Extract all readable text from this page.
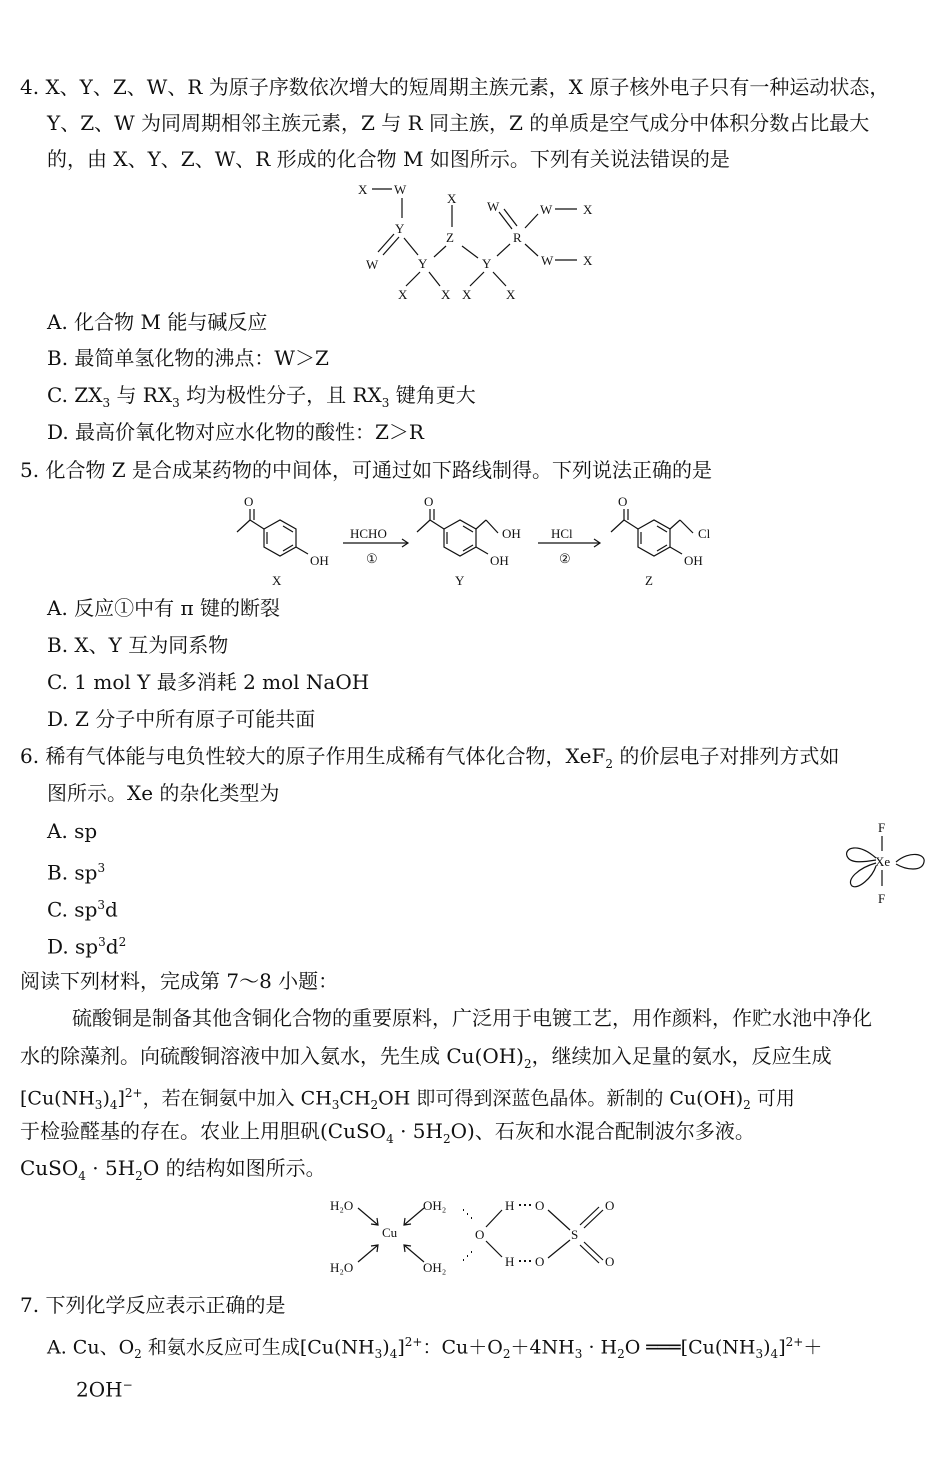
4. X、Y、Z、W、R 为原子序数依次增大的短周期主族元素，X 原子核外电子只有一种运动状态，
Y、Z、W 为同周期相邻主族元素，Z 与 R 同主族，Z 的单质是空气成分中体积分数占比最大
的，由 X、Y、Z、W、R 形成的化合物 M 如图所示。下列有关说法错误的是
X W
Y
W	Y
X	X
X
Z
Y
X	X
W
R
W X
W X
A. 化合物 M 能与碱反应
B. 最简单氢化物的沸点：W＞Z
C. $ZX_3$ 与 $RX_3$ 均为极性分子，且 $RX_3$ 键角更大
D. 最高价氧化物对应水化物的酸性：Z＞R
5. 化合物 Z 是合成某药物的中间体，可通过如下路线制得。下列说法正确的是
O
OH
X
HCHO
①
O
OH
OH
Y
HCl
②
O
Cl
OH
Z
A. 反应①中有 π 键的断裂
B. X、Y 互为同系物
C. 1 mol Y 最多消耗 2 mol NaOH
D. Z 分子中所有原子可能共面
6. 稀有气体能与电负性较大的原子作用生成稀有气体化合物，XeF$_2$ 的价层电子对排列方式如
图所示。Xe 的杂化类型为
A. sp
B. $sp^3$
C. $sp^3d$
D. $sp^3d^2$
F
Xe
F
阅读下列材料，完成第 7～8 小题：
硫酸铜是制备其他含铜化合物的重要原料，广泛用于电镀工艺，用作颜料，作贮水池中净化
水的除藻剂。向硫酸铜溶液中加入氨水，先生成 $Cu(OH)_2$，继续加入足量的氨水，反应生成
$[Cu(NH_3)_4]^{2+}$，若在铜氨中加入 $CH_3CH_2OH$ 即可得到深蓝色晶体。新制的 $Cu(OH)_2$ 可用
于检验醛基的存在。农业上用胆矾(CuSO$_4$ · $5H_2O$)、石灰和水混合配制波尔多液。
CuSO$_4$ · $5H_2O$ 的结构如图所示。
H₂O	OH₂
Cu
H₂O	OH₂
O
H
H
O
O
S
O
O
7. 下列化学反应表示正确的是
A. Cu、$O_2$ 和氨水反应可生成$[Cu(NH_3)_4]^{2+}$：$Cu+O_2+4NH_3 \cdot H_2O$ $═══[Cu(NH_3)_4]^{2+}+$
2OH−
